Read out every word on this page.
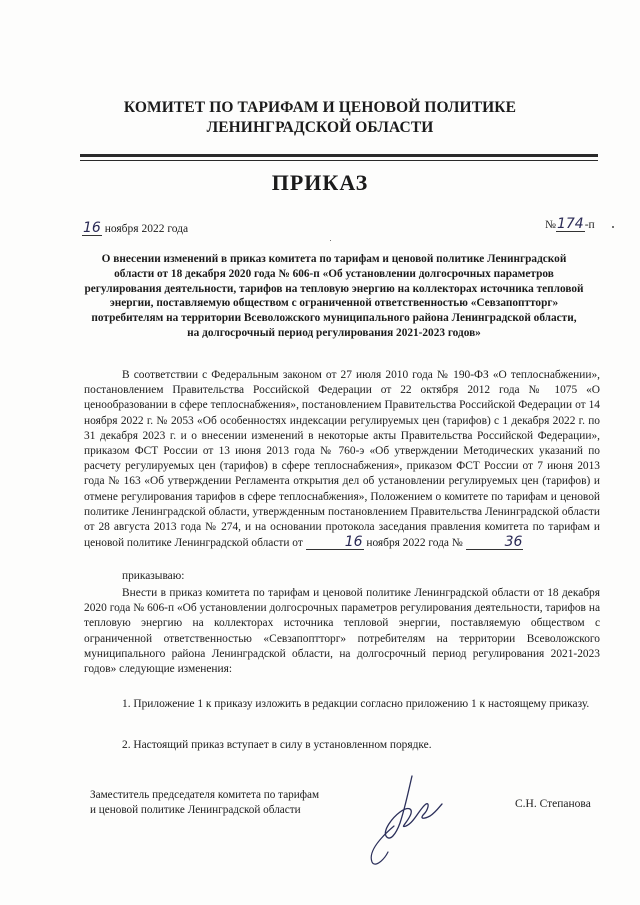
КОМИТЕТ ПО ТАРИФАМ И ЦЕНОВОЙ ПОЛИТИКЕ
ЛЕНИНГРАДСКОЙ ОБЛАСТИ
ПРИКАЗ
16 ноября 2022 года	№174-п
О внесении изменений в приказ комитета по тарифам и ценовой политике Ленинградской области от 18 декабря 2020 года № 606-п «Об установлении долгосрочных параметров регулирования деятельности, тарифов на тепловую энергию на коллекторах источника тепловой энергии, поставляемую обществом с ограниченной ответственностью «Севзапоптторг» потребителям на территории Всеволожского муниципального района Ленинградской области, на долгосрочный период регулирования 2021-2023 годов»
В соответствии с Федеральным законом от 27 июля 2010 года № 190-ФЗ «О теплоснабжении», постановлением Правительства Российской Федерации от 22 октября 2012 года № 1075 «О ценообразовании в сфере теплоснабжения», постановлением Правительства Российской Федерации от 14 ноября 2022 г. № 2053 «Об особенностях индексации регулируемых цен (тарифов) с 1 декабря 2022 г. по 31 декабря 2023 г. и о внесении изменений в некоторые акты Правительства Российской Федерации», приказом ФСТ России от 13 июня 2013 года № 760-э «Об утверждении Методических указаний по расчету регулируемых цен (тарифов) в сфере теплоснабжения», приказом ФСТ России от 7 июня 2013 года № 163 «Об утверждении Регламента открытия дел об установлении регулируемых цен (тарифов) и отмене регулирования тарифов в сфере теплоснабжения», Положением о комитете по тарифам и ценовой политике Ленинградской области, утвержденным постановлением Правительства Ленинградской области от 28 августа 2013 года № 274, и на основании протокола заседания правления комитета по тарифам и ценовой политике Ленинградской области от	16 ноября 2022 года №	36
приказываю:
Внести в приказ комитета по тарифам и ценовой политике Ленинградской области от 18 декабря 2020 года № 606-п «Об установлении долгосрочных параметров регулирования деятельности, тарифов на тепловую энергию на коллекторах источника тепловой энергии, поставляемую обществом с ограниченной ответственностью «Севзапоптторг» потребителям на территории Всеволожского муниципального района Ленинградской области, на долгосрочный период регулирования 2021-2023 годов» следующие изменения:
1. Приложение 1 к приказу изложить в редакции согласно приложению 1 к настоящему приказу.
2. Настоящий приказ вступает в силу в установленном порядке.
Заместитель председателя комитета по тарифам
и ценовой политике Ленинградской области	С.Н. Степанова
